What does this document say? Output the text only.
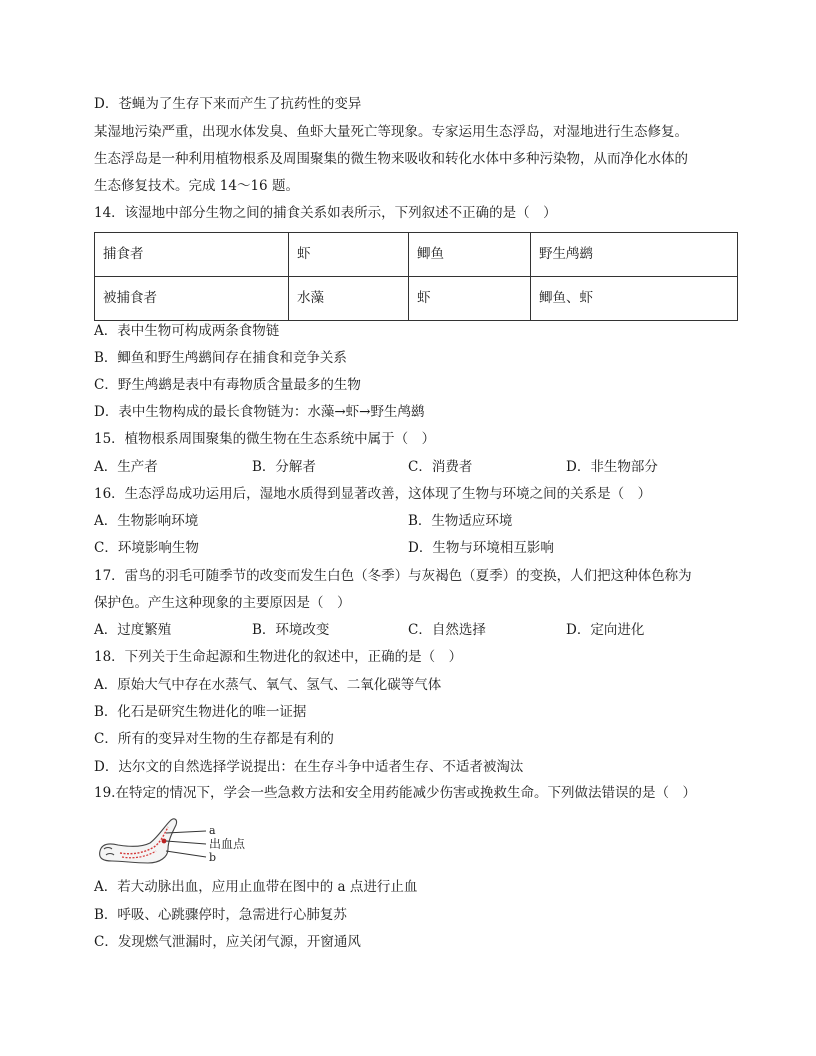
D．苍蝇为了生存下来而产生了抗药性的变异
某湿地污染严重，出现水体发臭、鱼虾大量死亡等现象。专家运用生态浮岛，对湿地进行生态修复。
生态浮岛是一种利用植物根系及周围聚集的微生物来吸收和转化水体中多种污染物，从而净化水体的
生态修复技术。完成 14～16 题。
14．该湿地中部分生物之间的捕食关系如表所示，下列叙述不正确的是（　）
捕食者	虾	鲫鱼	野生鸬鹚
被捕食者	水藻	虾	鲫鱼、虾
A．表中生物可构成两条食物链
B．鲫鱼和野生鸬鹚间存在捕食和竞争关系
C．野生鸬鹚是表中有毒物质含量最多的生物
D．表中生物构成的最长食物链为：水藻→虾→野生鸬鹚
15．植物根系周围聚集的微生物在生态系统中属于（　）
A．生产者	B．分解者	C．消费者	D．非生物部分
16．生态浮岛成功运用后，湿地水质得到显著改善，这体现了生物与环境之间的关系是（　）
A．生物影响环境	B．生物适应环境
C．环境影响生物	D．生物与环境相互影响
17．雷鸟的羽毛可随季节的改变而发生白色（冬季）与灰褐色（夏季）的变换，人们把这种体色称为
保护色。产生这种现象的主要原因是（　）
A．过度繁殖	B．环境改变	C．自然选择	D．定向进化
18．下列关于生命起源和生物进化的叙述中，正确的是（　）
A．原始大气中存在水蒸气、氧气、氢气、二氧化碳等气体
B．化石是研究生物进化的唯一证据
C．所有的变异对生物的生存都是有利的
D．达尔文的自然选择学说提出：在生存斗争中适者生存、不适者被淘汰
19.在特定的情况下，学会一些急救方法和安全用药能减少伤害或挽救生命。下列做法错误的是（　）
a
出血点
b
A．若大动脉出血，应用止血带在图中的 a 点进行止血
B．呼吸、心跳骤停时，急需进行心肺复苏
C．发现燃气泄漏时，应关闭气源，开窗通风
